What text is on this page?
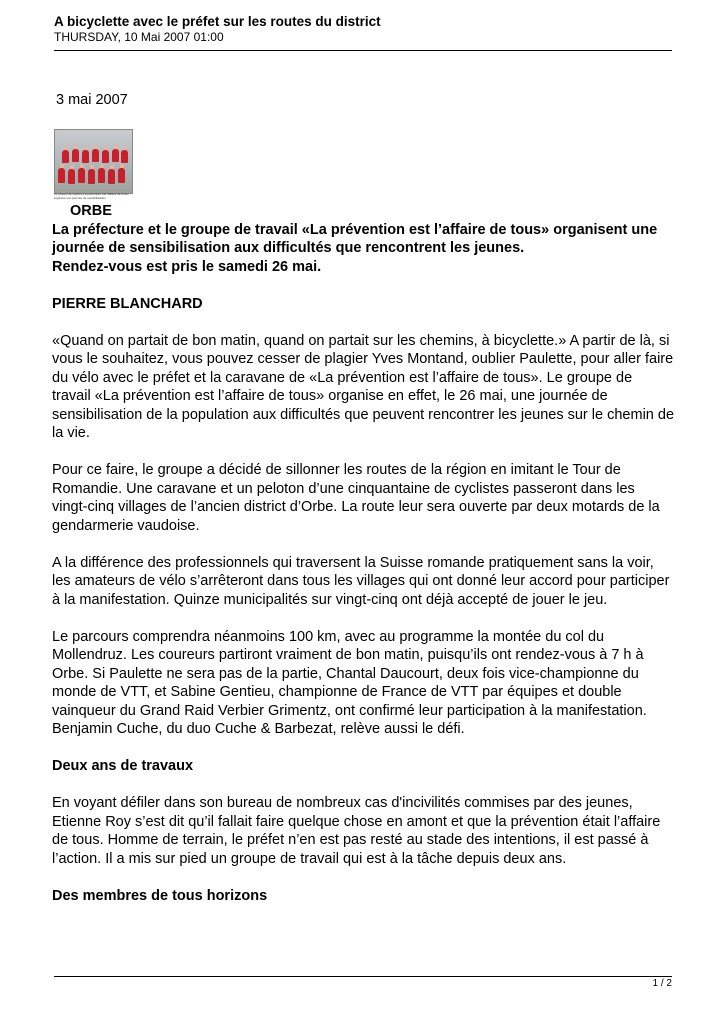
A bicyclette avec le préfet sur les routes du district
THURSDAY, 10 Mai 2007 01:00
3 mai 2007
Le groupe de travail «La prévention est l'affaire de tous» organise une journée de sensibilisation.
ORBE
La préfecture et le groupe de travail «La prévention est l’affaire de tous» organisent une journée de sensibilisation aux difficultés que rencontrent les jeunes.

Rendez-vous est pris le samedi 26 mai.

PIERRE BLANCHARD

«Quand on partait de bon matin, quand on partait sur les chemins, à bicyclette.» A partir de là, si vous le souhaitez, vous pouvez cesser de plagier Yves Montand, oublier Paulette, pour aller faire du vélo avec le préfet et la caravane de «La prévention est l’affaire de tous». Le groupe de travail «La prévention est l’affaire de tous» organise en effet, le 26 mai, une journée de sensibilisation de la population aux difficultés que peuvent rencontrer les jeunes sur le chemin de la vie.

Pour ce faire, le groupe a décidé de sillonner les routes de la région en imitant le Tour de Romandie. Une caravane et un peloton d’une cinquantaine de cyclistes passeront dans les vingt-cinq villages de l’ancien district d’Orbe. La route leur sera ouverte par deux motards de la gendarmerie vaudoise.

A la différence des professionnels qui traversent la Suisse romande pratiquement sans la voir, les amateurs de vélo s’arrêteront dans tous les villages qui ont donné leur accord pour participer à la manifestation. Quinze municipalités sur vingt-cinq ont déjà accepté de jouer le jeu.

Le parcours comprendra néanmoins 100 km, avec au programme la montée du col du Mollendruz. Les coureurs partiront vraiment de bon matin, puisqu’ils ont rendez-vous à 7 h à Orbe. Si Paulette ne sera pas de la partie, Chantal Daucourt, deux fois vice-championne du monde de VTT, et Sabine Gentieu, championne de France de VTT par équipes et double vainqueur du Grand Raid Verbier Grimentz, ont confirmé leur participation à la manifestation. Benjamin Cuche, du duo Cuche & Barbezat, relève aussi le défi.

Deux ans de travaux

En voyant défiler dans son bureau de nombreux cas d'incivilités commises par des jeunes, Etienne Roy s’est dit qu’il fallait faire quelque chose en amont et que la prévention était l’affaire de tous. Homme de terrain, le préfet n’en est pas resté au stade des intentions, il est passé à l’action. Il a mis sur pied un groupe de travail qui est à la tâche depuis deux ans.

Des membres de tous horizons

1 / 2
